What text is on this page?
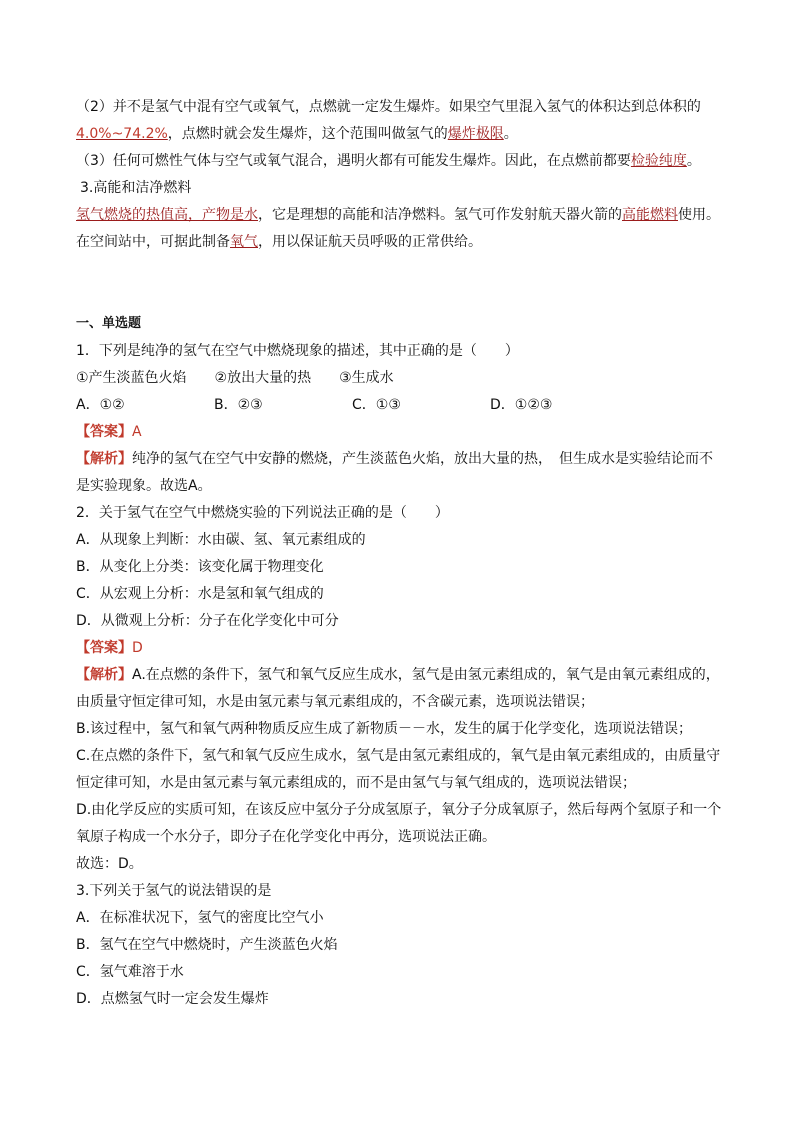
（2）并不是氢气中混有空气或氧气，点燃就一定发生爆炸。如果空气里混入氢气的体积达到总体积的
4.0%~74.2%，点燃时就会发生爆炸，这个范围叫做氢气的爆炸极限。
（3）任何可燃性气体与空气或氧气混合，遇明火都有可能发生爆炸。因此，在点燃前都要检验纯度。
3.高能和洁净燃料
氢气燃烧的热值高，产物是水，它是理想的高能和洁净燃料。氢气可作发射航天器火箭的高能燃料使用。
在空间站中，可据此制备氧气，用以保证航天员呼吸的正常供给。
一、单选题
1．下列是纯净的氢气在空气中燃烧现象的描述，其中正确的是（　　）
①产生淡蓝色火焰　　②放出大量的热　　③生成水
A．①②	B．②③	C．①③	D．①②③
【答案】A
【解析】纯净的氢气在空气中安静的燃烧，产生淡蓝色火焰，放出大量的热，　但生成水是实验结论而不
是实验现象。故选A。
2．关于氢气在空气中燃烧实验的下列说法正确的是（　　）
A．从现象上判断：水由碳、氢、氧元素组成的
B．从变化上分类：该变化属于物理变化
C．从宏观上分析：水是氢和氧气组成的
D．从微观上分析：分子在化学变化中可分
【答案】D
【解析】A.在点燃的条件下，氢气和氧气反应生成水，氢气是由氢元素组成的，氧气是由氧元素组成的，
由质量守恒定律可知，水是由氢元素与氧元素组成的，不含碳元素，选项说法错误；
B.该过程中，氢气和氧气两种物质反应生成了新物质－－水，发生的属于化学变化，选项说法错误；
C.在点燃的条件下，氢气和氧气反应生成水，氢气是由氢元素组成的，氧气是由氧元素组成的，由质量守
恒定律可知，水是由氢元素与氧元素组成的，而不是由氢气与氧气组成的，选项说法错误；
D.由化学反应的实质可知，在该反应中氢分子分成氢原子，氧分子分成氧原子，然后每两个氢原子和一个
氧原子构成一个水分子，即分子在化学变化中再分，选项说法正确。
故选：D。
3.下列关于氢气的说法错误的是
A．在标准状况下，氢气的密度比空气小
B．氢气在空气中燃烧时，产生淡蓝色火焰
C．氢气难溶于水
D．点燃氢气时一定会发生爆炸
